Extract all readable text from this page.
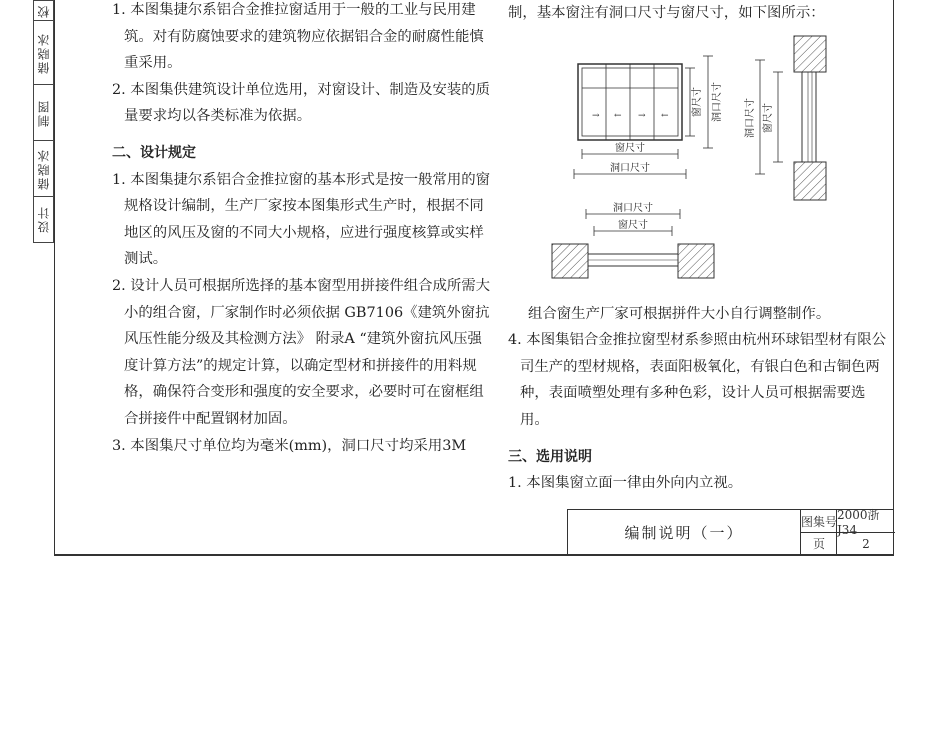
设计
储晓冰
制图
储晓冰
校	1. 本图集捷尔系铝合金推拉窗适用于一般的工业与民用建筑。对有防腐蚀要求的建筑物应依据铝合金的耐腐性能慎重采用。

2. 本图集供建筑设计单位选用，对窗设计、制造及安装的质量要求均以各类标准为依据。

二、设计规定

1. 本图集捷尔系铝合金推拉窗的基本形式是按一般常用的窗规格设计编制，生产厂家按本图集形式生产时，根据不同地区的风压及窗的不同大小规格，应进行强度核算或实样测试。

2. 设计人员可根据所选择的基本窗型用拼接件组合成所需大小的组合窗，厂家制作时必须依据 GB7106《建筑外窗抗风压性能分级及其检测方法》 附录A “建筑外窗抗风压强度计算方法”的规定计算，以确定型材和拼接件的用料规格，确保符合变形和强度的安全要求，必要时可在窗框组合拼接件中配置钢材加固。

3. 本图集尺寸单位均为毫米(mm)，洞口尺寸均采用3M

制，基本窗注有洞口尺寸与窗尺寸，如下图所示：

组合窗生产厂家可根据拼件大小自行调整制作。

4. 本图集铝合金推拉窗型材系参照由杭州环球铝型材有限公司生产的型材规格，表面阳极氧化，有银白色和古铜色两种，表面喷塑处理有多种色彩，设计人员可根据需要选用。

三、选用说明

1. 本图集窗立面一律由外向内立视。

→ ← → ← 窗尺寸 洞口尺寸
窗尺寸
洞口尺寸
洞口尺寸 窗尺寸
洞口尺寸
窗尺寸
编制说明（一）
图集号 2000浙J34
页	2
